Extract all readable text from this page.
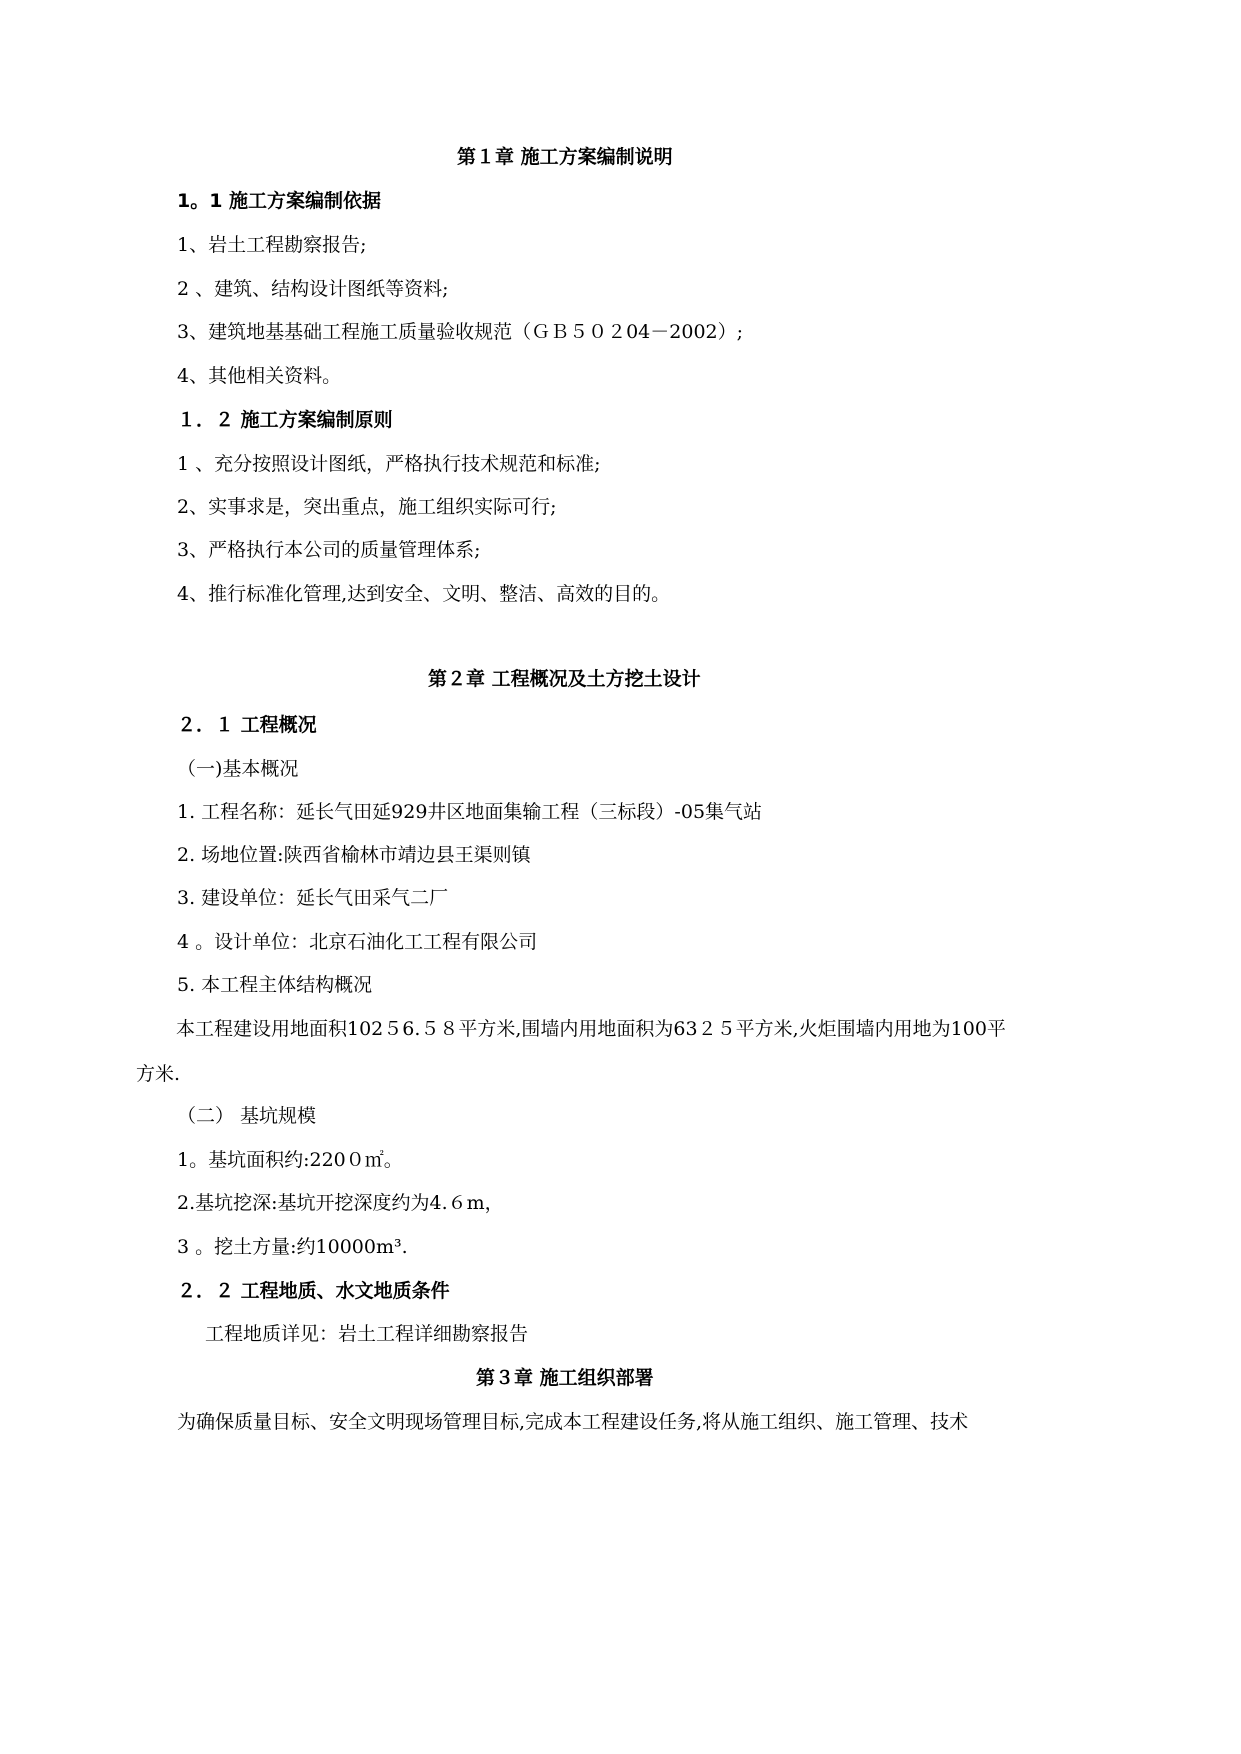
第１章 施工方案编制说明
1。1 施工方案编制依据
1、岩土工程勘察报告;
2 、建筑、结构设计图纸等资料;
3、建筑地基基础工程施工质量验收规范（ＧＢ５０２04－2002）;
4、其他相关资料。
１．２ 施工方案编制原则
1 、充分按照设计图纸，严格执行技术规范和标准;
2、实事求是，突出重点，施工组织实际可行;
3、严格执行本公司的质量管理体系;
4、推行标准化管理,达到安全、文明、整洁、高效的目的。
第２章 工程概况及土方挖土设计
２．１ 工程概况
（一)基本概况
1. 工程名称：延长气田延929井区地面集输工程（三标段）-05集气站
2. 场地位置:陕西省榆林市靖边县王渠则镇
3. 建设单位：延长气田采气二厂
4 。设计单位：北京石油化工工程有限公司
5. 本工程主体结构概况
本工程建设用地面积102５6.５８平方米,围墙内用地面积为63２５平方米,火炬围墙内用地为100平
方米.
（二） 基坑规模
1。基坑面积约:220０㎡。
2.基坑挖深:基坑开挖深度约为4.６m，
3 。挖土方量:约10000m³.
２．２ 工程地质、水文地质条件
工程地质详见：岩土工程详细勘察报告
第３章 施工组织部署
为确保质量目标、安全文明现场管理目标,完成本工程建设任务,将从施工组织、施工管理、技术
